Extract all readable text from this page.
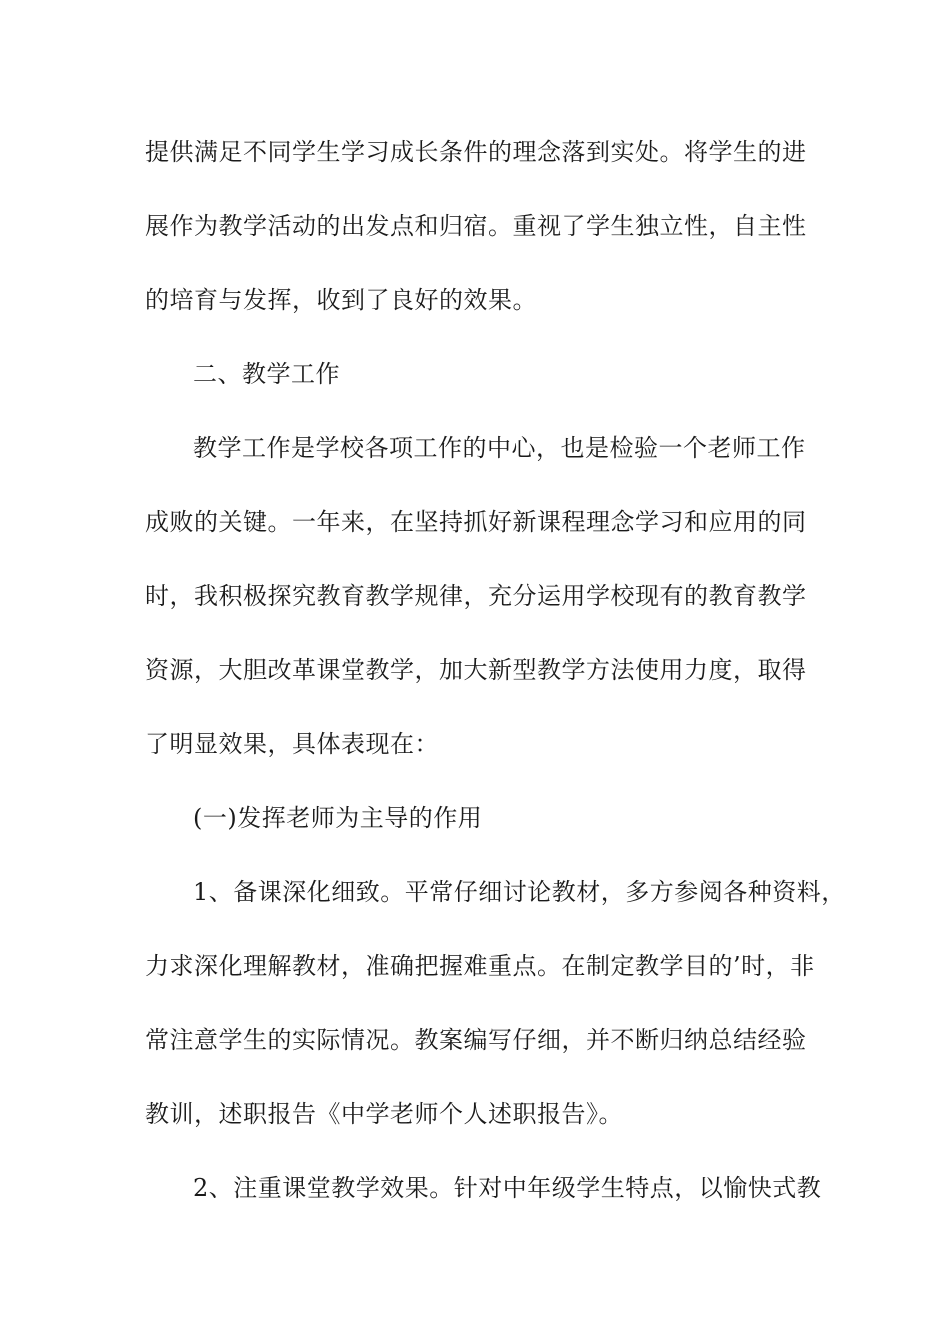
提供满足不同学生学习成长条件的理念落到实处。将学生的进
展作为教学活动的出发点和归宿。重视了学生独立性，自主性
的培育与发挥，收到了良好的效果。
二、教学工作
教学工作是学校各项工作的中心，也是检验一个老师工作
成败的关键。一年来，在坚持抓好新课程理念学习和应用的同
时，我积极探究教育教学规律，充分运用学校现有的教育教学
资源，大胆改革课堂教学，加大新型教学方法使用力度，取得
了明显效果，具体表现在：
(一)发挥老师为主导的作用
1、备课深化细致。平常仔细讨论教材，多方参阅各种资料，
力求深化理解教材，准确把握难重点。在制定教学目的’时，非
常注意学生的实际情况。教案编写仔细，并不断归纳总结经验
教训，述职报告《中学老师个人述职报告》。
2、注重课堂教学效果。针对中年级学生特点，以愉快式教
